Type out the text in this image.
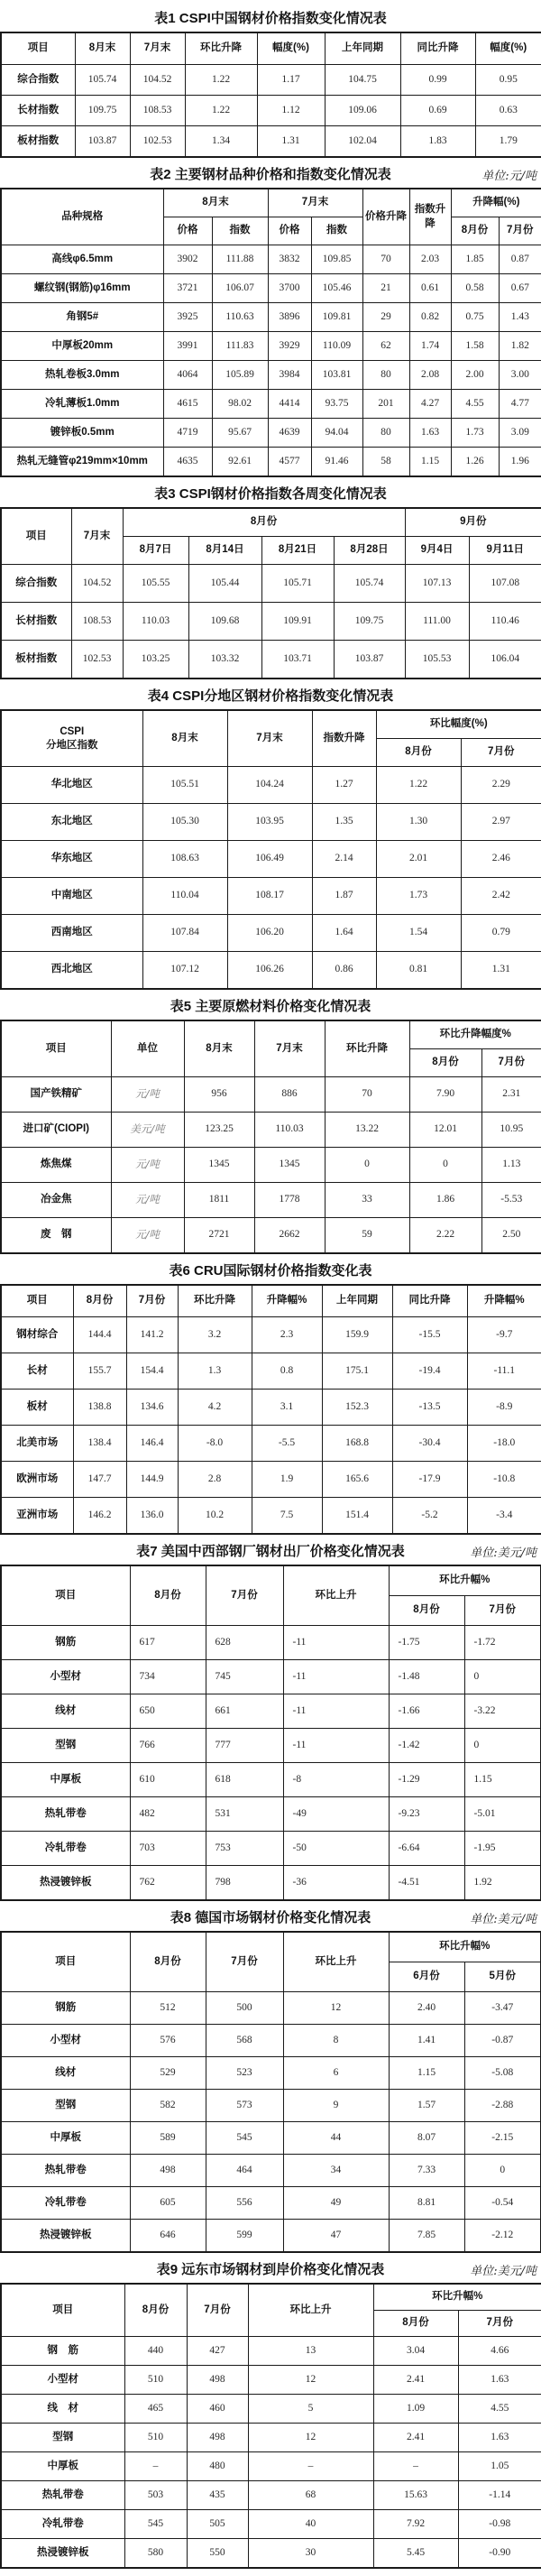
表1 CSPI中国钢材价格指数变化情况表
项目	8月末	7月末	环比升降	幅度(%)	上年同期	同比升降	幅度(%)
综合指数	105.74	104.52	1.22	1.17	104.75	0.99	0.95
长材指数	109.75	108.53	1.22	1.12	109.06	0.69	0.63
板材指数	103.87	102.53	1.34	1.31	102.04	1.83	1.79
表2 主要钢材品种价格和指数变化情况表	单位:元/吨
品种规格	8月末		7月末		价格升降	指数升降	升降幅(%)	
	价格	指数	价格	指数			8月份	7月份
高线φ6.5mm	3902	111.88	3832	109.85	70	2.03	1.85	0.87
螺纹钢(钢筋)φ16mm	3721	106.07	3700	105.46	21	0.61	0.58	0.67
角钢5#	3925	110.63	3896	109.81	29	0.82	0.75	1.43
中厚板20mm	3991	111.83	3929	110.09	62	1.74	1.58	1.82
热轧卷板3.0mm	4064	105.89	3984	103.81	80	2.08	2.00	3.00
冷轧薄板1.0mm	4615	98.02	4414	93.75	201	4.27	4.55	4.77
镀锌板0.5mm	4719	95.67	4639	94.04	80	1.63	1.73	3.09
热轧无缝管φ219mm×10mm	4635	92.61	4577	91.46	58	1.15	1.26	1.96
表3 CSPI钢材价格指数各周变化情况表
项目	7月末	8月份				9月份	
		8月7日	8月14日	8月21日	8月28日	9月4日	9月11日
综合指数	104.52	105.55	105.44	105.71	105.74	107.13	107.08
长材指数	108.53	110.03	109.68	109.91	109.75	111.00	110.46
板材指数	102.53	103.25	103.32	103.71	103.87	105.53	106.04
表4 CSPI分地区钢材价格指数变化情况表
CSPI
分地区指数	8月末	7月末	指数升降	环比幅度(%)	
				8月份	7月份
华北地区	105.51	104.24	1.27	1.22	2.29
东北地区	105.30	103.95	1.35	1.30	2.97
华东地区	108.63	106.49	2.14	2.01	2.46
中南地区	110.04	108.17	1.87	1.73	2.42
西南地区	107.84	106.20	1.64	1.54	0.79
西北地区	107.12	106.26	0.86	0.81	1.31
表5 主要原燃材料价格变化情况表
项目	单位	8月末	7月末	环比升降	环比升降幅度%	
					8月份	7月份
国产铁精矿	元/吨	956	886	70	7.90	2.31
进口矿(CIOPI)	美元/吨	123.25	110.03	13.22	12.01	10.95
炼焦煤	元/吨	1345	1345	0	0	1.13
冶金焦	元/吨	1811	1778	33	1.86	-5.53
废　钢	元/吨	2721	2662	59	2.22	2.50
表6 CRU国际钢材价格指数变化表
项目	8月份	7月份	环比升降	升降幅%	上年同期	同比升降	升降幅%
钢材综合	144.4	141.2	3.2	2.3	159.9	-15.5	-9.7
长材	155.7	154.4	1.3	0.8	175.1	-19.4	-11.1
板材	138.8	134.6	4.2	3.1	152.3	-13.5	-8.9
北美市场	138.4	146.4	-8.0	-5.5	168.8	-30.4	-18.0
欧洲市场	147.7	144.9	2.8	1.9	165.6	-17.9	-10.8
亚洲市场	146.2	136.0	10.2	7.5	151.4	-5.2	-3.4
表7 美国中西部钢厂钢材出厂价格变化情况表	单位:美元/吨
项目	8月份	7月份	环比上升	环比升幅%	
				8月份	7月份
钢筋	617	628	-11	-1.75	-1.72
小型材	734	745	-11	-1.48	0
线材	650	661	-11	-1.66	-3.22
型钢	766	777	-11	-1.42	0
中厚板	610	618	-8	-1.29	1.15
热轧带卷	482	531	-49	-9.23	-5.01
冷轧带卷	703	753	-50	-6.64	-1.95
热浸镀锌板	762	798	-36	-4.51	1.92
表8 德国市场钢材价格变化情况表	单位:美元/吨
项目	8月份	7月份	环比上升	环比升幅%	
				6月份	5月份
钢筋	512	500	12	2.40	-3.47
小型材	576	568	8	1.41	-0.87
线材	529	523	6	1.15	-5.08
型钢	582	573	9	1.57	-2.88
中厚板	589	545	44	8.07	-2.15
热轧带卷	498	464	34	7.33	0
冷轧带卷	605	556	49	8.81	-0.54
热浸镀锌板	646	599	47	7.85	-2.12
表9 远东市场钢材到岸价格变化情况表	单位:美元/吨
项目	8月份	7月份	环比上升	环比升幅%	
				8月份	7月份
钢　筋	440	427	13	3.04	4.66
小型材	510	498	12	2.41	1.63
线　材	465	460	5	1.09	4.55
型钢	510	498	12	2.41	1.63
中厚板	–	480	–	–	1.05
热轧带卷	503	435	68	15.63	-1.14
冷轧带卷	545	505	40	7.92	-0.98
热浸镀锌板	580	550	30	5.45	-0.90
